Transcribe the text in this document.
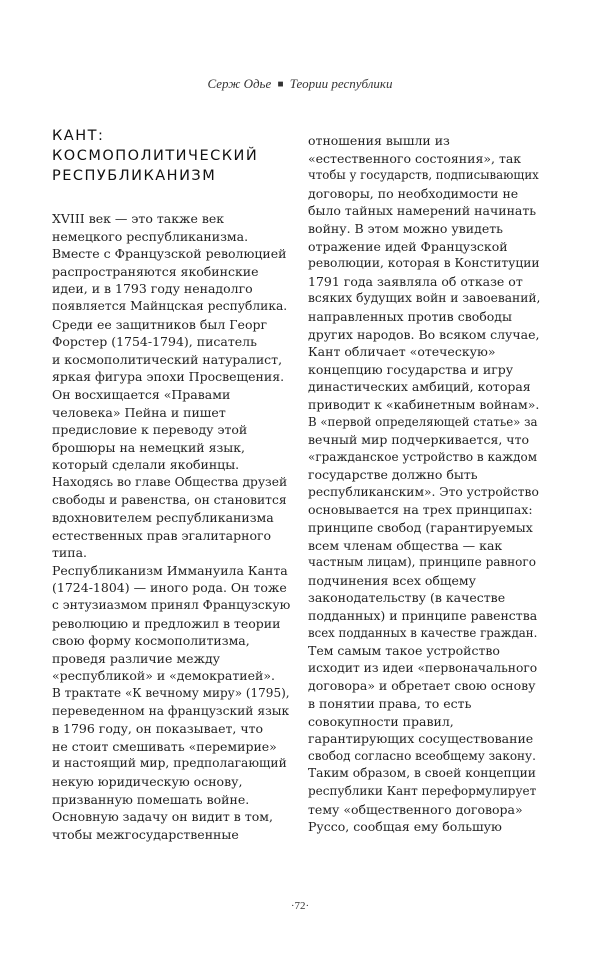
Серж Одье ■ Теории республики
КАНТ:
КОСМОПОЛИТИЧЕСКИЙ
РЕСПУБЛИКАНИЗМ
XVIII век — это также век
немецкого республиканизма.
Вместе с Французской революцией
распространяются якобинские
идеи, и в 1793 году ненадолго
появляется Майнцская республика.
Среди ее защитников был Георг
Форстер (1754-1794), писатель
и космополитический натуралист,
яркая фигура эпохи Просвещения.
Он восхищается «Правами
человека» Пейна и пишет
предисловие к переводу этой
брошюры на немецкий язык,
который сделали якобинцы.
Находясь во главе Общества друзей
свободы и равенства, он становится
вдохновителем республиканизма
естественных прав эгалитарного
типа.
Республиканизм Иммануила Канта
(1724-1804) — иного рода. Он тоже
с энтузиазмом принял Французскую
революцию и предложил в теории
свою форму космополитизма,
проведя различие между
«республикой» и «демократией».
В трактате «К вечному миру» (1795),
переведенном на французский язык
в 1796 году, он показывает, что
не стоит смешивать «перемирие»
и настоящий мир, предполагающий
некую юридическую основу,
призванную помешать войне.
Основную задачу он видит в том,
чтобы межгосударственные
отношения вышли из
«естественного состояния», так
чтобы у государств, подписывающих
договоры, по необходимости не
было тайных намерений начинать
войну. В этом можно увидеть
отражение идей Французской
революции, которая в Конституции
1791 года заявляла об отказе от
всяких будущих войн и завоеваний,
направленных против свободы
других народов. Во всяком случае,
Кант обличает «отеческую»
концепцию государства и игру
династических амбиций, которая
приводит к «кабинетным войнам».
В «первой определяющей статье» за
вечный мир подчеркивается, что
«гражданское устройство в каждом
государстве должно быть
республиканским». Это устройство
основывается на трех принципах:
принципе свобод (гарантируемых
всем членам общества — как
частным лицам), принципе равного
подчинения всех общему
законодательству (в качестве
подданных) и принципе равенства
всех подданных в качестве граждан.
Тем самым такое устройство
исходит из идеи «первоначального
договора» и обретает свою основу
в понятии права, то есть
совокупности правил,
гарантирующих сосуществование
свобод согласно всеобщему закону.
Таким образом, в своей концепции
республики Кант переформулирует
тему «общественного договора»
Руссо, сообщая ему большую
·72·
